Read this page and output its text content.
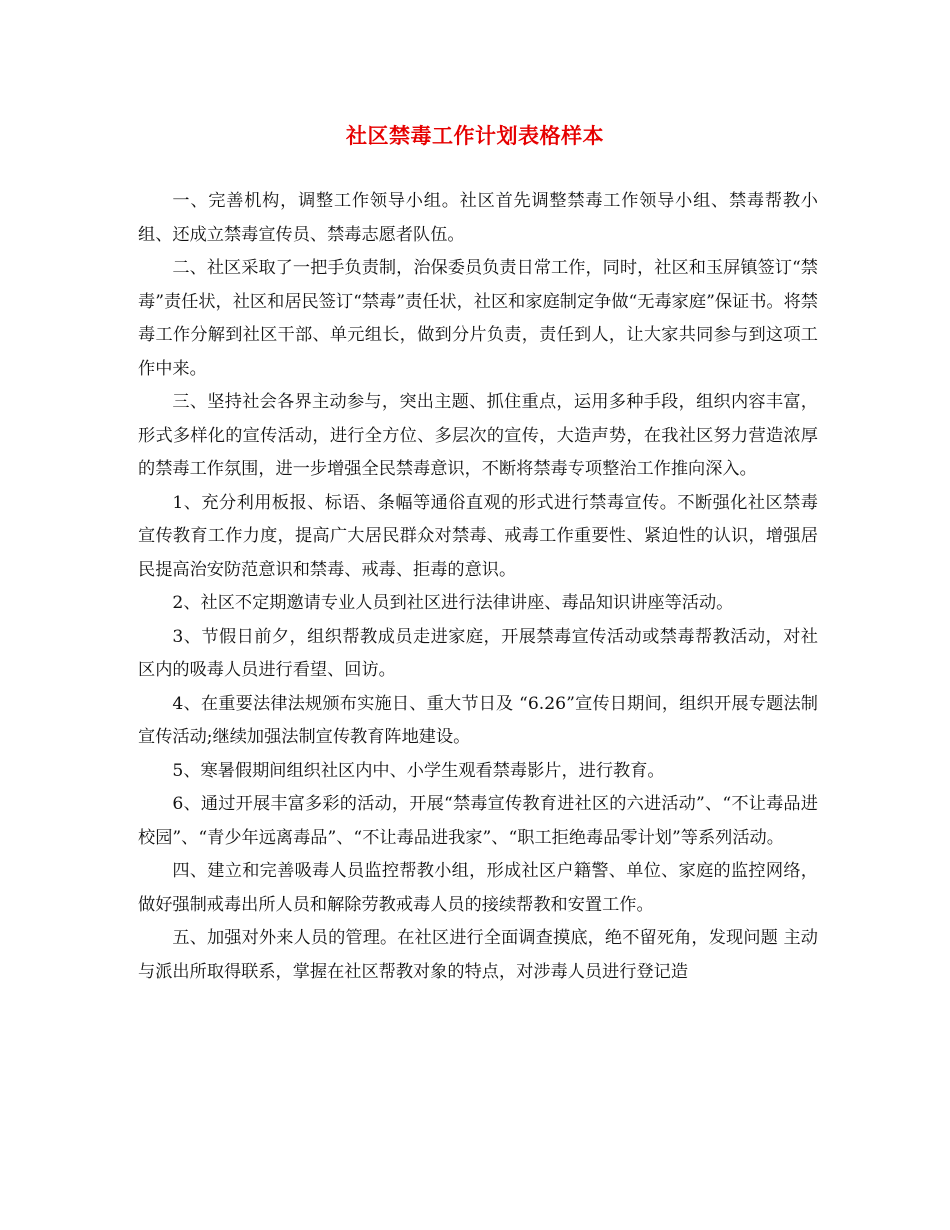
社区禁毒工作计划表格样本

一、完善机构，调整工作领导小组。社区首先调整禁毒工作领导小组、禁毒帮教小组、还成立禁毒宣传员、禁毒志愿者队伍。

二、社区采取了一把手负责制，治保委员负责日常工作，同时，社区和玉屏镇签订“禁毒”责任状，社区和居民签订“禁毒”责任状，社区和家庭制定争做“无毒家庭”保证书。将禁毒工作分解到社区干部、单元组长，做到分片负责，责任到人，让大家共同参与到这项工作中来。

三、坚持社会各界主动参与，突出主题、抓住重点，运用多种手段，组织内容丰富，形式多样化的宣传活动，进行全方位、多层次的宣传，大造声势，在我社区努力营造浓厚的禁毒工作氛围，进一步增强全民禁毒意识，不断将禁毒专项整治工作推向深入。

1、充分利用板报、标语、条幅等通俗直观的形式进行禁毒宣传。不断强化社区禁毒宣传教育工作力度，提高广大居民群众对禁毒、戒毒工作重要性、紧迫性的认识，增强居民提高治安防范意识和禁毒、戒毒、拒毒的意识。

2、社区不定期邀请专业人员到社区进行法律讲座、毒品知识讲座等活动。

3、节假日前夕，组织帮教成员走进家庭，开展禁毒宣传活动或禁毒帮教活动，对社区内的吸毒人员进行看望、回访。

4、在重要法律法规颁布实施日、重大节日及 “6.26”宣传日期间，组织开展专题法制宣传活动;继续加强法制宣传教育阵地建设。

5、寒暑假期间组织社区内中、小学生观看禁毒影片，进行教育。

6、通过开展丰富多彩的活动，开展“禁毒宣传教育进社区的六进活动”、“不让毒品进校园”、“青少年远离毒品”、“不让毒品进我家”、“职工拒绝毒品零计划”等系列活动。

四、建立和完善吸毒人员监控帮教小组，形成社区户籍警、单位、家庭的监控网络，做好强制戒毒出所人员和解除劳教戒毒人员的接续帮教和安置工作。

五、加强对外来人员的管理。在社区进行全面调查摸底，绝不留死角，发现问题 主动与派出所取得联系，掌握在社区帮教对象的特点，对涉毒人员进行登记造
